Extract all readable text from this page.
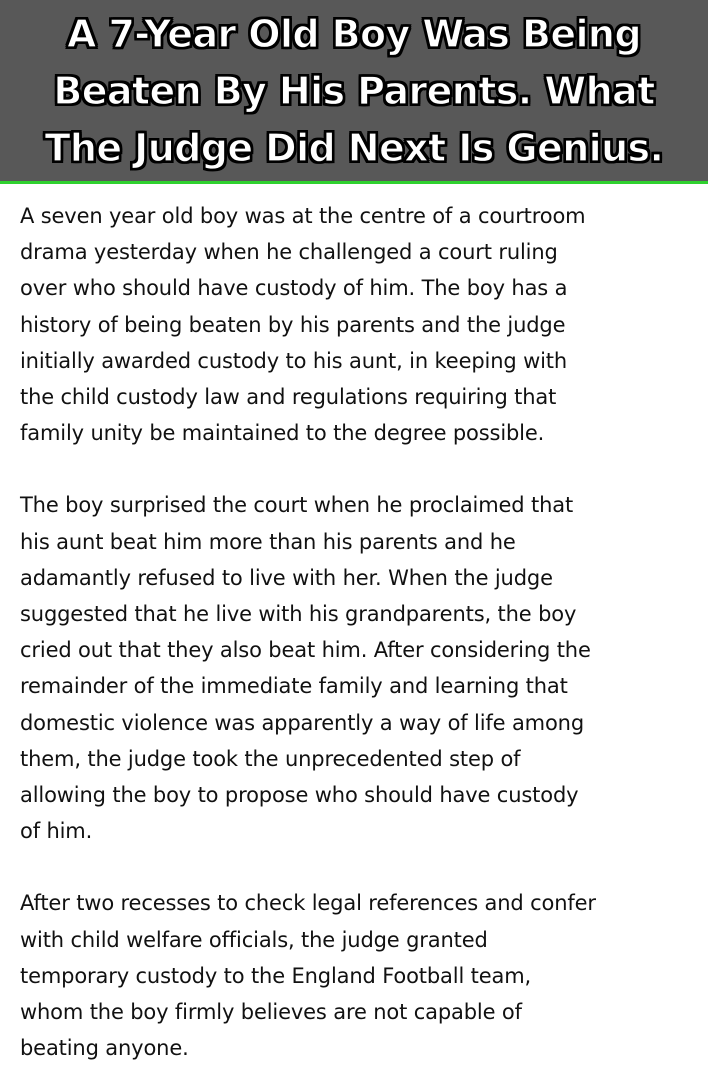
A 7-Year Old Boy Was Being
Beaten By His Parents. What
The Judge Did Next Is Genius.

A seven year old boy was at the centre of a courtroom
drama yesterday when he challenged a court ruling
over who should have custody of him. The boy has a
history of being beaten by his parents and the judge
initially awarded custody to his aunt, in keeping with
the child custody law and regulations requiring that
family unity be maintained to the degree possible.

The boy surprised the court when he proclaimed that
his aunt beat him more than his parents and he
adamantly refused to live with her. When the judge
suggested that he live with his grandparents, the boy
cried out that they also beat him. After considering the
remainder of the immediate family and learning that
domestic violence was apparently a way of life among
them, the judge took the unprecedented step of
allowing the boy to propose who should have custody
of him.

After two recesses to check legal references and confer
with child welfare officials, the judge granted
temporary custody to the England Football team,
whom the boy firmly believes are not capable of
beating anyone.
